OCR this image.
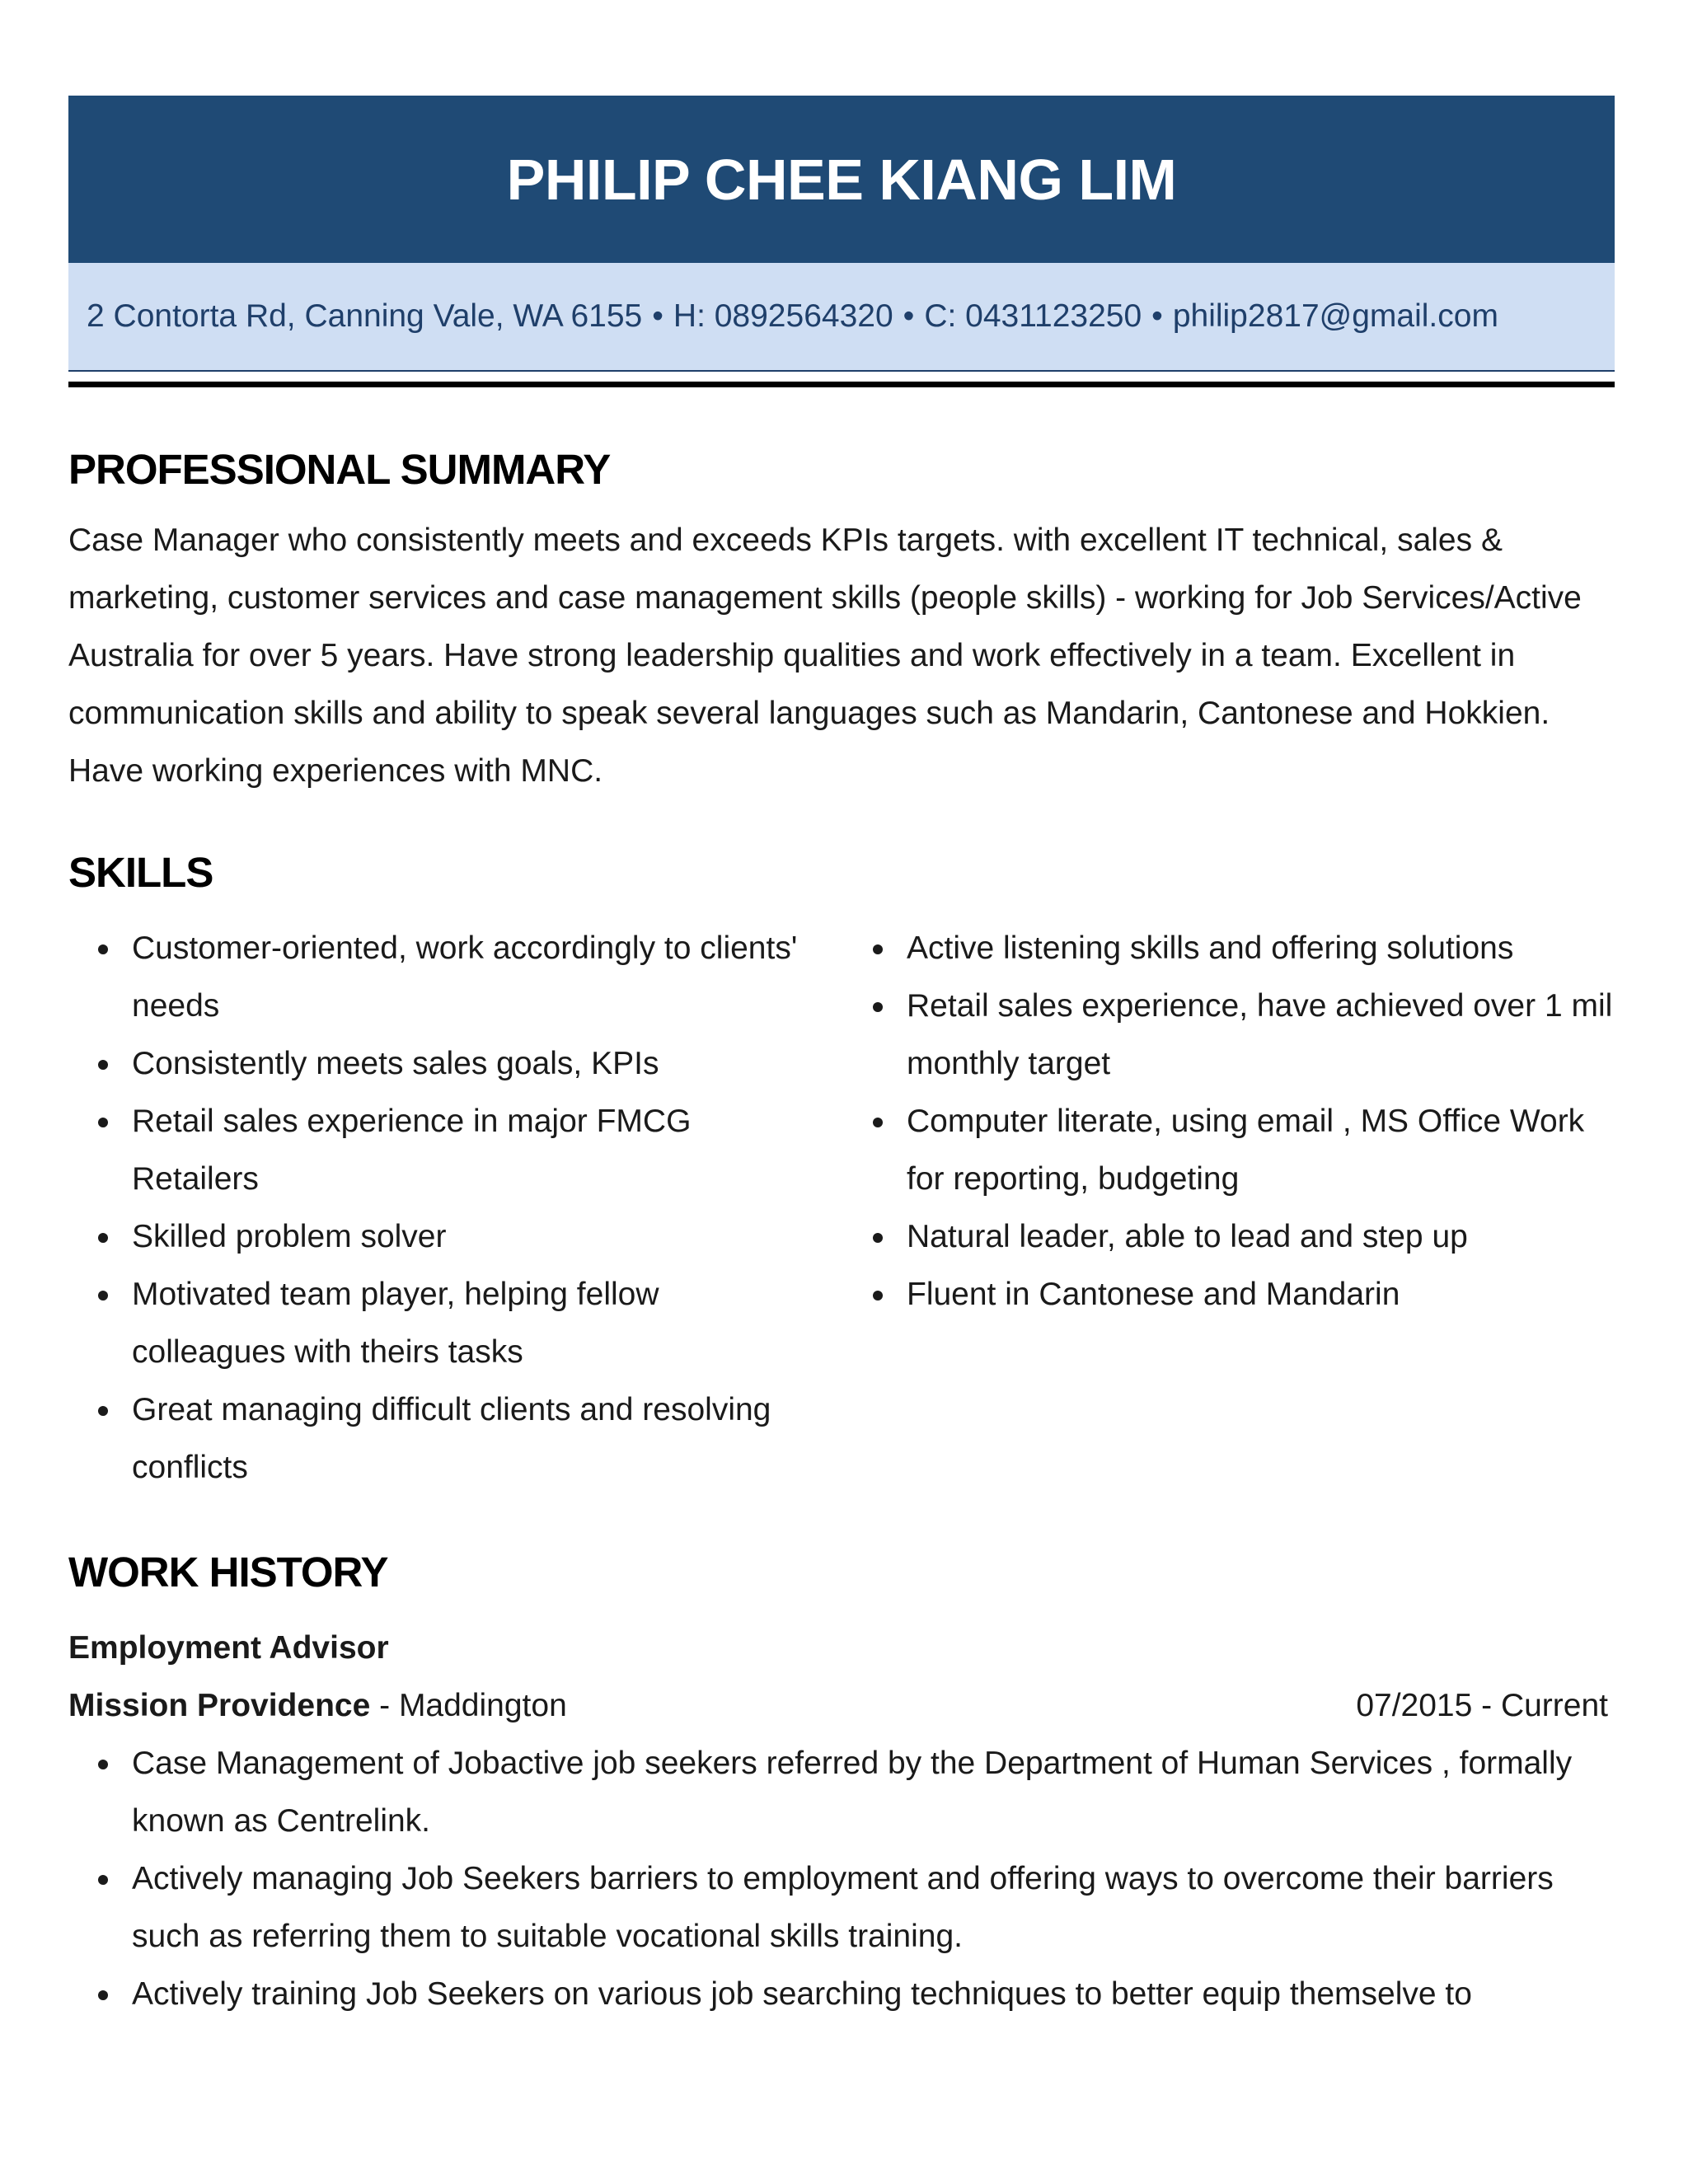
PHILIP CHEE KIANG LIM
2 Contorta Rd, Canning Vale, WA 6155 • H: 0892564320 • C: 0431123250 • philip2817@gmail.com
PROFESSIONAL SUMMARY
Case Manager who consistently meets and exceeds KPIs targets. with excellent IT technical, sales & marketing, customer services and case management skills (people skills) - working for Job Services/Active Australia for over 5 years. Have strong leadership qualities and work effectively in a team. Excellent in communication skills and ability to speak several languages such as Mandarin, Cantonese and Hokkien. Have working experiences with MNC.
SKILLS
Customer-oriented, work accordingly to clients' needs
Consistently meets sales goals, KPIs
Retail sales experience in major FMCG Retailers
Skilled problem solver
Motivated team player, helping fellow colleagues with theirs tasks
Great managing difficult clients and resolving conflicts
Active listening skills and offering solutions
Retail sales experience, have achieved over 1 mil monthly target
Computer literate, using email , MS Office Work for reporting, budgeting
Natural leader, able to lead and step up
Fluent in Cantonese and Mandarin
WORK HISTORY
Employment Advisor
Mission Providence - Maddington	07/2015 - Current
Case Management of Jobactive job seekers referred by the Department of Human Services , formally known as Centrelink.
Actively managing Job Seekers barriers to employment and offering ways to overcome their barriers such as referring them to suitable vocational skills training.
Actively training Job Seekers on various job searching techniques to better equip themselve to
